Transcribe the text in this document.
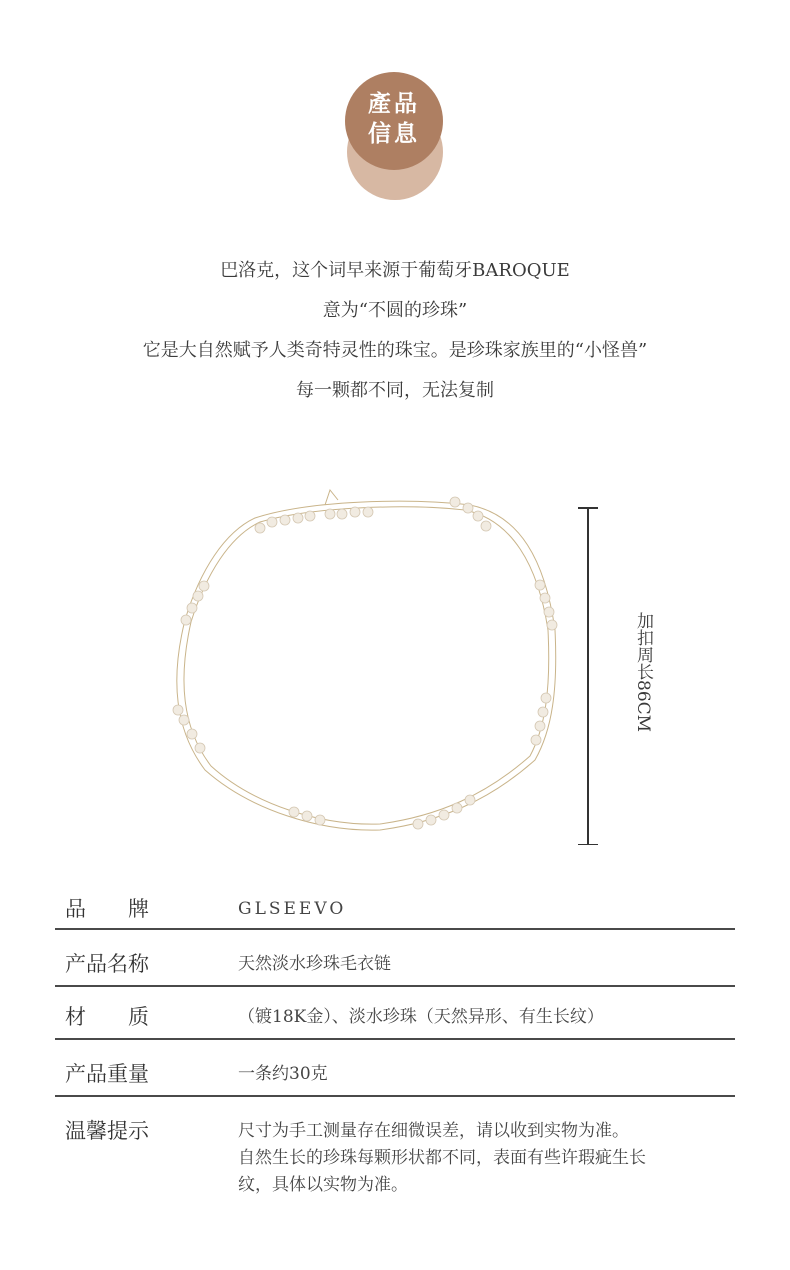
產品
信息
巴洛克，这个词早来源于葡萄牙BAROQUE
意为“不圆的珍珠”
它是大自然赋予人类奇特灵性的珠宝。是珍珠家族里的“小怪兽”
每一颗都不同，无法复制
加扣周长86CM
品　　牌	GLSEEVO
产品名称	天然淡水珍珠毛衣链
材　　质	（镀18K金）、淡水珍珠（天然异形、有生长纹）
产品重量	一条约30克
温馨提示	尺寸为手工测量存在细微误差，请以收到实物为准。
自然生长的珍珠每颗形状都不同，表面有些许瑕疵生长
纹，具体以实物为准。
